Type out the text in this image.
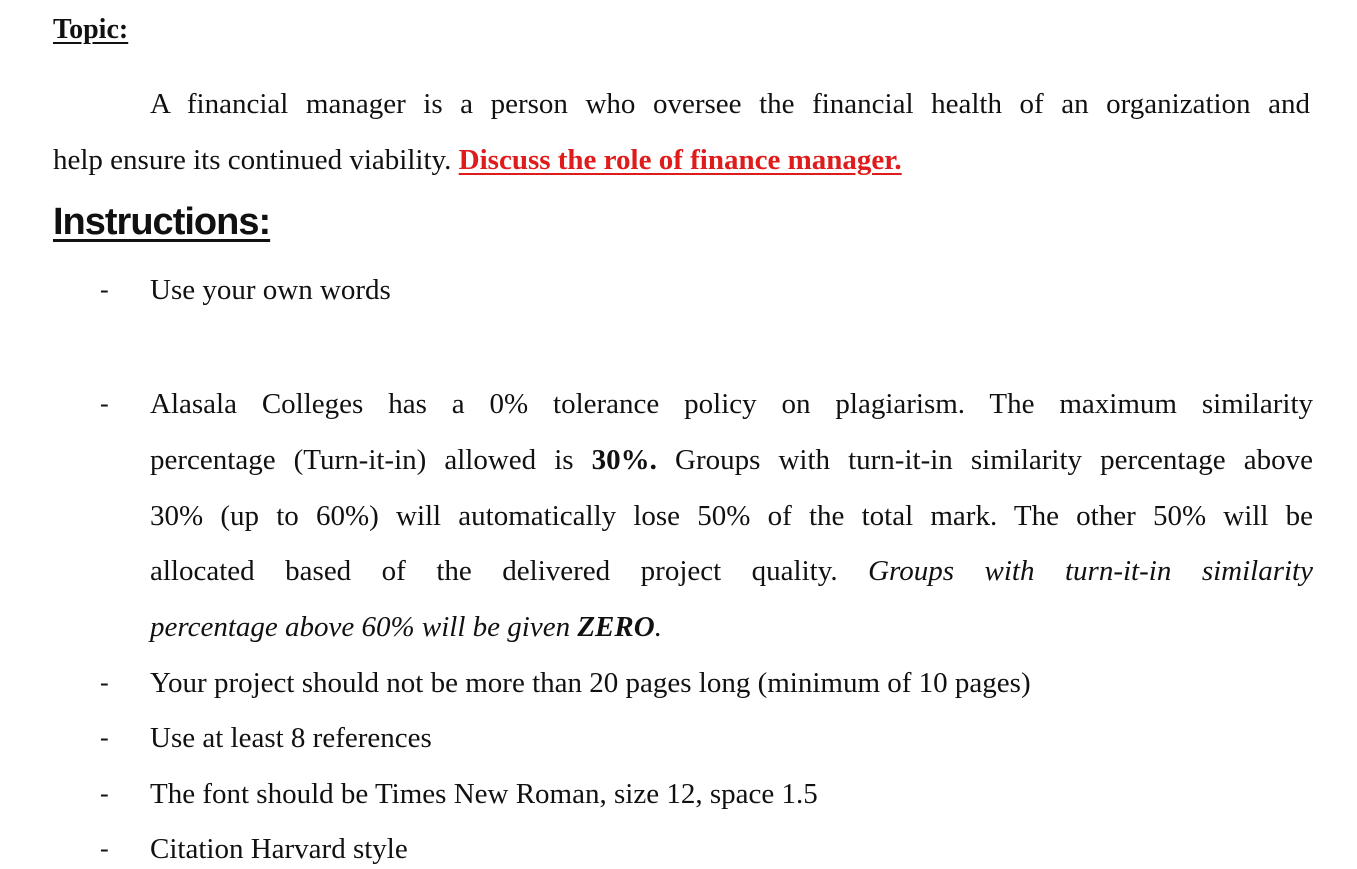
Topic:
A financial manager is a person who oversee the financial health of an organization and
help ensure its continued viability. Discuss the role of finance manager.
Instructions:
- Use your own words
- Alasala Colleges has a 0% tolerance policy on plagiarism. The maximum similarity
percentage (Turn-it-in) allowed is 30%. Groups with turn-it-in similarity percentage above
30% (up to 60%) will automatically lose 50% of the total mark. The other 50% will be
allocated based of the delivered project quality. Groups with turn-it-in similarity
percentage above 60% will be given ZERO.
- Your project should not be more than 20 pages long (minimum of 10 pages)
- Use at least 8 references
- The font should be Times New Roman, size 12, space 1.5
- Citation Harvard style
